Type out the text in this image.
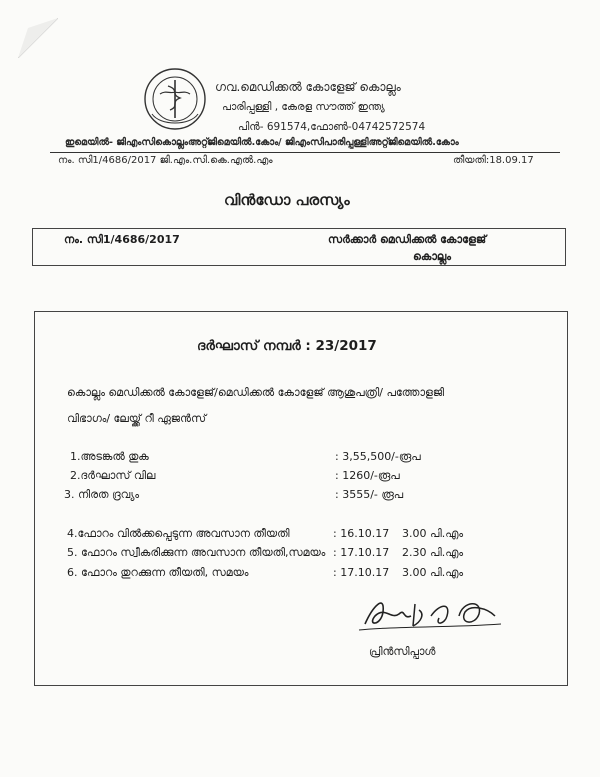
ഗവ.മെഡിക്കൽ കോളേജ് കൊല്ലം
പാരിപ്പള്ളി , കേരള സൗത്ത് ഇന്ത്യ
പിൻ- 691574,ഫോൺ-04742572574
ഇമെയിൽ- ജിഎംസികൊല്ലംഅറ്റ്ജിമെയിൽ.കോം/ ജിഎംസിപാരിപ്പള്ളിഅറ്റ്ജിമെയിൽ.കോം
നം. സി1/4686/2017 ജി.എം.സി.കെ.എൽ.എം	തീയതി:18.09.17
വിൻഡോ പരസ്യം
നം. സി1/4686/2017	സർക്കാർ മെഡിക്കൽ കോളേജ്
കൊല്ലം
ദർഘാസ് നമ്പർ : 23/2017
കൊല്ലം മെഡിക്കൽ കോളേജ്/മെഡിക്കൽ കോളേജ് ആശുപത്രി/ പത്തോളജി
വിഭാഗം/ ലേയ്ക്ക് റീ ഏജൻസ്
1.അടങ്കൽ തുക	: 3,55,500/-രൂപ
2.ദർഘാസ് വില	: 1260/-രൂപ
3. നിരത ദ്രവ്യം	: 3555/- രൂപ
4.ഫോറം വിൽക്കപ്പെടുന്ന അവസാന തീയതി	: 16.10.17 3.00 പി.എം
5. ഫോറം സ്വീകരിക്കുന്ന അവസാന തീയതി,സമയം : 17.10.17 2.30 പി.എം
6. ഫോറം തുറക്കുന്ന തീയതി, സമയം	: 17.10.17 3.00 പി.എം
പ്രിൻസിപ്പാൾ
